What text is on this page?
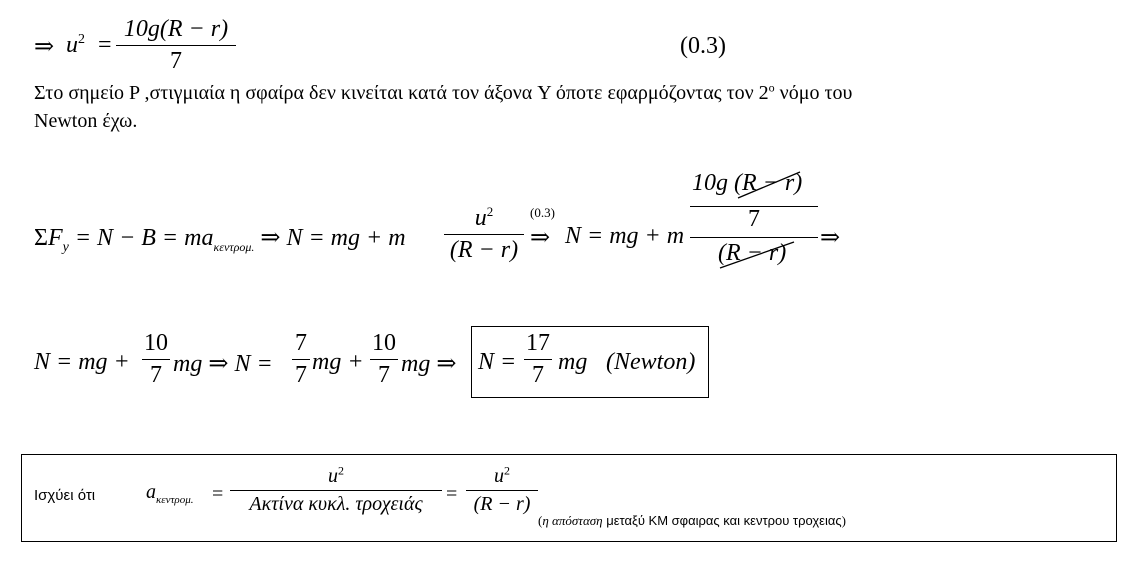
⇒ $u^2$ =
10g(R − r)
7
(0.3)
Στο σημείο P ,στιγμιαία η σφαίρα δεν κινείται κατά τον άξονα Y όποτε εφαρμόζοντας τον $2^o$ νόμο του
Newton έχω.
$\Sigma F_y = N - B = ma_{\kappa\varepsilon\nu\tau\rho o\mu.}$ ⇒ N = mg + m
$u^2$
(R − r)
(0.3)
⇒ N = mg + m
10g (R − r)
7
(R − r)
⇒
N = mg +
10
7 mg ⇒ N =
7
7 mg +
10
7 mg ⇒ N =
17
7 mg (Newton)
Ισχύει ότι	$a_{\kappa\varepsilon\nu\tau\rho o\mu.}$ =
$u^2$
Ακτίνα κυκλ. τροχειάς	=
$u^2$
(R − r)
(η απόσταση μεταξύ ΚΜ σφαιρας και κεντρου τροχειας)
